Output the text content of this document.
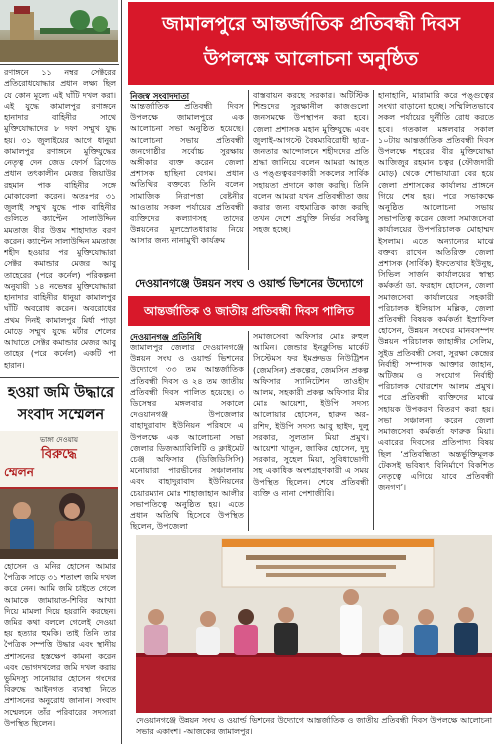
রণাঙ্গনে ১১ নম্বর সেক্টরের প্রতিরোধযোদ্ধার প্রধান লক্ষ্য ছিল যে কোন মূল্যে এই ঘাঁটি দখল করা। এই যুদ্ধে কামালপুর রণাঙ্গনে হানাদার বাহিনীর সাথে মুক্তিযোদ্ধাদের ৮ দফা সম্মুখ যুদ্ধ হয়। ৩১ জুলাইয়ের আগে ধানুয়া কামালপুর রণাঙ্গনে মুক্তিযুদ্ধের নেতৃত্ব দেন জেড ফোর্স ব্রিগেড প্রধান তৎকালীন মেজর জিয়াউর রহমান পাক বাহিনীর সঙ্গে মোকাবেলা করেন। অতঃপর ৩১ জুলাই সম্মুখ যুদ্ধে পাক বাহিনীর গুলিতে ক্যাপ্টেন সালাউদ্দিন মমতাজ বীর উত্তম শাহাদাত বরণ করেন। ক্যাপ্টেন সালাউদ্দিন মমতাজ শহীদ হওয়ার পর মুক্তিযোদ্ধারা সেক্টর কমান্ডার মেজর আবু তাহেরের (পরে কর্নেল) পরিকল্পনা অনুযায়ী ১৪ নভেম্বর মুক্তিযোদ্ধারা হানাদার বাহিনীর ধানুয়া কামালপুর ঘাঁটি অবরোধ করেন। অবরোধের প্রথম দিনই কামালপুর মির্ধা পাড়া মোড়ে সম্মুখ যুদ্ধে মর্টার শেলের আঘাতে সেক্টর কমান্ডার মেজর আবু তাহের (পরে কর্নেল) একটি পা হারান।
হওয়া জমি উদ্ধারে
সংবাদ সম্মেলন
ভাঙ্গা দেওয়ায়
বিরুদ্ধে
ম্মেলন
হোসেন ও মনির হোসেন আমার পৈত্রিক সাড়ে ৩১ শতাংশ জমি দখল করে নেন। আমি জমি চাইতে গেলে আমাকে জামায়াত-শিবির আখ্যা দিয়ে মামলা দিয়ে হয়রানি করছেন। জমির কথা বললে গেলেই দেওয়া হয় হত্যার হুমকি। তাই তিনি তার পৈত্রিক সম্পত্তি উদ্ধার এবং স্থানীয় প্রশাসনের হস্তক্ষেপ কামনা করেন এবং ভোগদখলের জমি দখল করায় ভুমিদস্যু সানোয়ার হোসেন গংদের বিরুদ্ধে আইনগত ব্যবস্থা নিতে প্রশাসনের অনুরোধ জানান। সংবাদ সম্মেলনে তাঁর পরিবারের সদস্যরা উপস্থিত ছিলেন।
জামালপুরে আন্তর্জাতিক প্রতিবন্ধী দিবস
উপলক্ষে আলোচনা অনুষ্ঠিত
নিজস্ব সংবাদদাতা
আন্তর্জাতিক প্রতিবন্ধী দিবস উপলক্ষে জামালপুরে এক আলোচনা সভা অনুষ্ঠিত হয়েছে। আলোচনা সভায় প্রতিবন্ধী জনগোষ্ঠীর সর্বোচ্চ সুরক্ষায় অঙ্গীকার ব্যক্ত করেন জেলা প্রশাসক হাছিনা বেগম। প্রধান অতিথির বক্তব্যে তিনি বলেন সামাজিক নিরাপত্তা বেষ্টনীর আওতায় সকল পর্যায়ের প্রতিবন্ধী ব্যক্তিদের কল্যাণসহ তাদের উন্নয়নের মূলস্রোতধারায় নিয়ে আসার জন্য নানামুখী কার্যক্রম
বাস্তবায়ন করছে সরকার। অটিস্টিক শিশুদের সুরক্ষানীল কাজগুলো জনসমক্ষে উপস্থাপন করা হবে। জেলা প্রশাসক মহান মুক্তিযুদ্ধে এবং জুলাই-আগস্টে বৈষম্যবিরোধী ছাত্র-জনতার আন্দোলনে শহীদদের প্রতি শ্রদ্ধা জানিয়ে বলেন আমরা আহত ও পঙ্গুত্ববরণকারী সকলের সার্বিক সহায়তা প্রদানে কাজ করছি। তিনি বলেন আমরা যখন প্রতিবন্ধীতা জয় করার জন্য বহুমাত্রিক কাজ করছি তখন দেশে প্রযুক্তি নির্ভর সবকিছু সহজ হচ্ছে।
হানাহানি, মারামারি করে পঙ্গুত্বের সংখ্যা বাড়ানো হচ্ছে। সম্মিলিতভাবে সকল পর্যায়ের দুর্নীতি রোধ করতে হবে। গতকাল মঙ্গলবার সকাল ১০টায় আন্তর্জাতিক প্রতিবন্ধী দিবস উপলক্ষে শহরের বীর মুক্তিযোদ্ধা আজিজুর রহমান চত্বর (ফৌজদারী মোড়) থেকে শোভাযাত্রা বের হয়ে জেলা প্রশাসকের কার্যালয় প্রাঙ্গনে গিয়ে শেষ হয়। পরে সভাকক্ষে অনুষ্ঠিত আলোচনা সভায় সভাপতিত্ব করেন জেলা সমাজসেবা কার্যালয়ের উপপরিচালক মোহাম্মদ ইসলাম। এতে অন্যান্যের মাঝে বক্তব্য রাখেন অতিরিক্ত জেলা প্রশাসক (সার্বিক) ইফতেখার ইউনুছ, সিভিল সার্জন কার্যালয়ের স্বাস্থ্য কর্মকর্তা ডা. ফরহাদ হোসেন, জেলা সমাজসেবা কার্যালয়ের সহকারী পরিচালক ইলিয়াস মল্লিক, জেলা প্রতিবন্ধী বিষয়ক কর্মকর্তা ইস্রাফিল হোসেন, উন্নয়ন সংঘের মানবসম্পদ উন্নয়ন পরিচালক জাহাঙ্গীর সেলিম, সুইড প্রতিবন্ধী সেবা, সুরক্ষা কেন্দ্রের নির্বাহী সম্পাদক আক্তার জাহান, অটিজম ও সংযোগ নির্বাহী পরিচালক খোরশেদ আলম প্রমুখ। পরে প্রতিবন্ধী ব্যক্তিদের মাঝে সহায়ক উপকরণ বিতরণ করা হয়। সভা সঞ্চালনা করেন জেলা সমাজসেবা কর্মকর্তা ফারুক মিয়া। এবারের দিবসের প্রতিপাদ্য বিষয় ছিল ‘প্রতিবন্ধিতা অন্তর্ভুক্তিমূলক টেকসই ভবিষ্যৎ বিনির্মাণে বিকশিত নেতৃত্বে এগিয়ে যাবে প্রতিবন্ধী জনগণ’।
দেওয়ানগঞ্জে উন্নয়ন সংঘ ও ওয়ার্ল্ড ভিশনের উদ্যোগে
আন্তর্জাতিক ও জাতীয় প্রতিবন্ধী দিবস পালিত
দেওয়ানগঞ্জ প্রতিনিধি
জামালপুর জেলার দেওয়ানগঞ্জে উন্নয়ন সংঘ ও ওয়ার্ল্ড ভিশনের উদ্যোগে ৩৩ তম আন্তর্জাতিক প্রতিবন্ধী দিবস ও ২৪ তম জাতীয় প্রতিবন্ধী দিবস পালিত হয়েছে। ৩ ডিসেম্বর মঙ্গলবার সকালে দেওয়ানগঞ্জ উপজেলার বাহাদুরাবাদ ইউনিয়ন পরিষদে এ উপলক্ষে এক আলোচনা সভা জেলার ডিজঅ্যাবিলিটি ও ক্লাইমেট চেঞ্জ অফিসার (ডিজিডিসিসি) মনোয়ারা পারভীনের সঞ্চালনায় এবং বাহাদুরাবাদ ইউনিয়নের চেয়ারম্যান মোঃ শাহাজাহান আলীর সভাপতিত্বে অনুষ্ঠিত হয়। এতে প্রধান অতিথি হিসেবে উপস্থিত ছিলেন, উপজেলা
সমাজসেবা অফিসার মোঃ রুহুল আমিন। জেন্ডার ইনক্লুসিভ মার্কেট সিস্টেমস ফর ইমপ্রুভড নিউট্রিশন (জেমসিন) প্রকল্পের, জেমসিন প্রকল্প অফিসার স্যানিটেশন তাওহীদ আলম, সহকারী প্রকল্প অফিসার মীর মোঃ আয়েশা, ইউপি সদস্য আলোয়ার হোসেন, হারুন অর-রশিদ, ইউপি সদস্য আবু ছাইদ, দুলু সরকার, সুলতান মিয়া প্রমুখ। আয়েশা খাতুন, জাকির হোসেন, দুদু সরকার, সুহেল মিয়া, সুবিধাভোগী সহ একাধিক অংশগ্রহণকারী এ সময় উপস্থিত ছিলেন। শেষে প্রতিবন্ধী ব্যক্তি ও নানা পেশাজীবি।
দেওয়ানগঞ্জে উন্নয়ন সংঘ ও ওয়ার্ল্ড ভিশনের উদ্যোগে আন্তর্জাতিক ও জাতীয় প্রতিবন্ধী দিবস উপলক্ষে আলোচনা সভার একাংশ। -আজকের জামালপুর।
